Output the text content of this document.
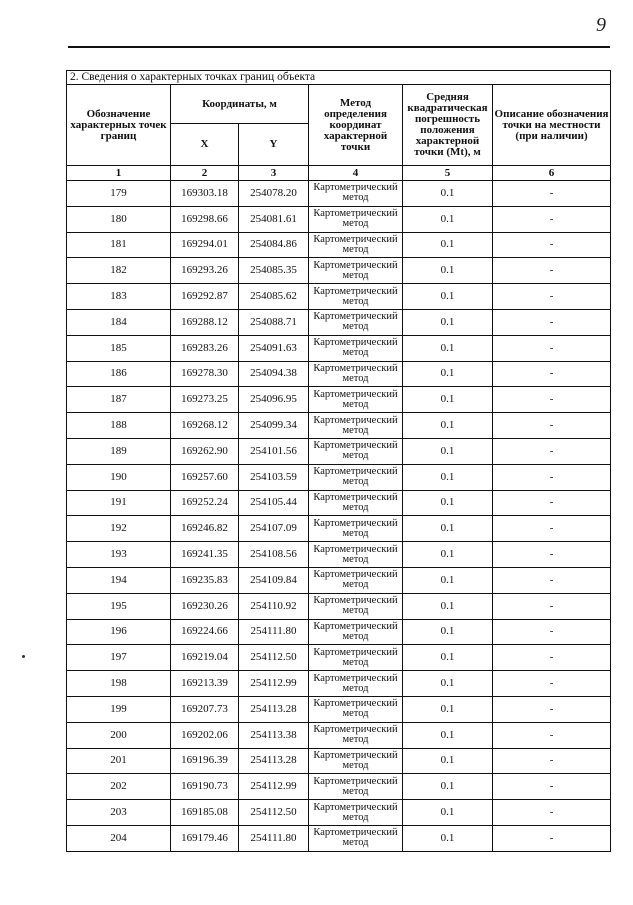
9
2. Сведения о характерных точках границ объекта					
Обозначение характерных точек границ	Координаты, м		Метод определения координат характерной точки	Средняя квадратическая погрешность положения характерной точки (Mt), м	Описание обозначения точки на местности (при наличии)
	X	Y			
1	2	3	4	5	6
179	169303.18	254078.20	Картометрический метод	0.1	-
180	169298.66	254081.61	Картометрический метод	0.1	-
181	169294.01	254084.86	Картометрический метод	0.1	-
182	169293.26	254085.35	Картометрический метод	0.1	-
183	169292.87	254085.62	Картометрический метод	0.1	-
184	169288.12	254088.71	Картометрический метод	0.1	-
185	169283.26	254091.63	Картометрический метод	0.1	-
186	169278.30	254094.38	Картометрический метод	0.1	-
187	169273.25	254096.95	Картометрический метод	0.1	-
188	169268.12	254099.34	Картометрический метод	0.1	-
189	169262.90	254101.56	Картометрический метод	0.1	-
190	169257.60	254103.59	Картометрический метод	0.1	-
191	169252.24	254105.44	Картометрический метод	0.1	-
192	169246.82	254107.09	Картометрический метод	0.1	-
193	169241.35	254108.56	Картометрический метод	0.1	-
194	169235.83	254109.84	Картометрический метод	0.1	-
195	169230.26	254110.92	Картометрический метод	0.1	-
196	169224.66	254111.80	Картометрический метод	0.1	-
197	169219.04	254112.50	Картометрический метод	0.1	-
198	169213.39	254112.99	Картометрический метод	0.1	-
199	169207.73	254113.28	Картометрический метод	0.1	-
200	169202.06	254113.38	Картометрический метод	0.1	-
201	169196.39	254113.28	Картометрический метод	0.1	-
202	169190.73	254112.99	Картометрический метод	0.1	-
203	169185.08	254112.50	Картометрический метод	0.1	-
204	169179.46	254111.80	Картометрический метод	0.1	-
